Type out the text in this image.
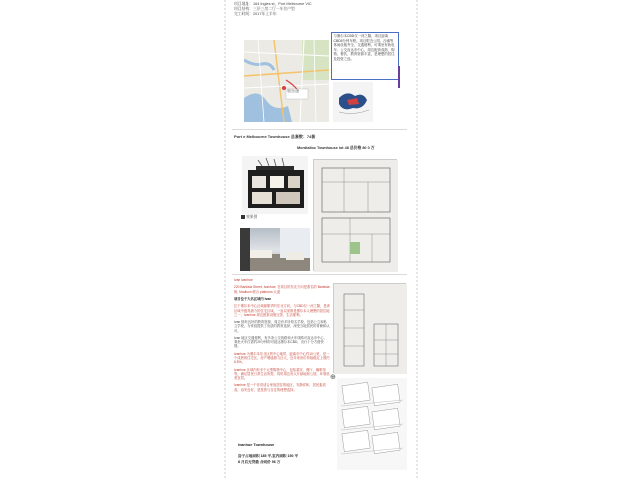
项目地址：164 Ingles st，Port Melbourne VIC
项目结构：三层三房二厅一车位户型
完工时间：2017年上半年
项目位置
与墨尔本CBD仅一河之隔，项目距离CBD5分钟车程。项目附近公园、沙滩等休闲设施齐全，交通便利，可乘坐有轨电车、公交直达市中心，周边配套成熟，购物、餐饮、教育资源丰富，是理想的居住及投资之选。
Port e Melbourne Townhouse 总套数：74套
Mordialloc Townhouse lot 48 总价格 80 0 万
效果图

Ivan ivanhoe

220 Banksia Street, Ivanhoe, 在项目的东北方向是著名的 Banksia 街, Madison 联合 platinum 大道

项目位于大名区域内 Ivan

位于墨尔本中心区域最繁华的东北方向，与CBD仅一河之隔，是该区域中极具潜力的住宅区域，一直以来都是墨尔本人理想的居住地之一，Ivanhoe 周边配套设施完善，生活便利。

Ivan 拥有良好的教育资源，周边有多所知名学校，包括公立和私立学校，为家庭提供了优质的教育选择，深受当地居民的青睐和认可。

Ivan 地区交通便利，有多条公交线路和火车线路可直达市中心，乘坐火车仅需约20分钟即可抵达墨尔本CBD，出行十分方便快捷。

Ivanhoe 为墨尔本东北区的中心地带，距离市中心约10公里，是一个成熟的住宅区，房产增值潜力巨大，近年来房价持续稳定上涨约 6.5%。

Ivanhoe 区域内有多个大型购物中心，包括超市、餐厅、咖啡馆等，满足居民日常生活所需，同时周边有大片绿地和公园，环境优美宜居。

Ivanhoe 是一个非常适合家庭居住的地区，安静祥和，居民素质高，治安良好，是投资与自住的理想选择。

⊕
Ivanhoe Townhouse
房子占地面积 185 平,室内面积 150 平
8 月后无贷款 合同价 96 万
